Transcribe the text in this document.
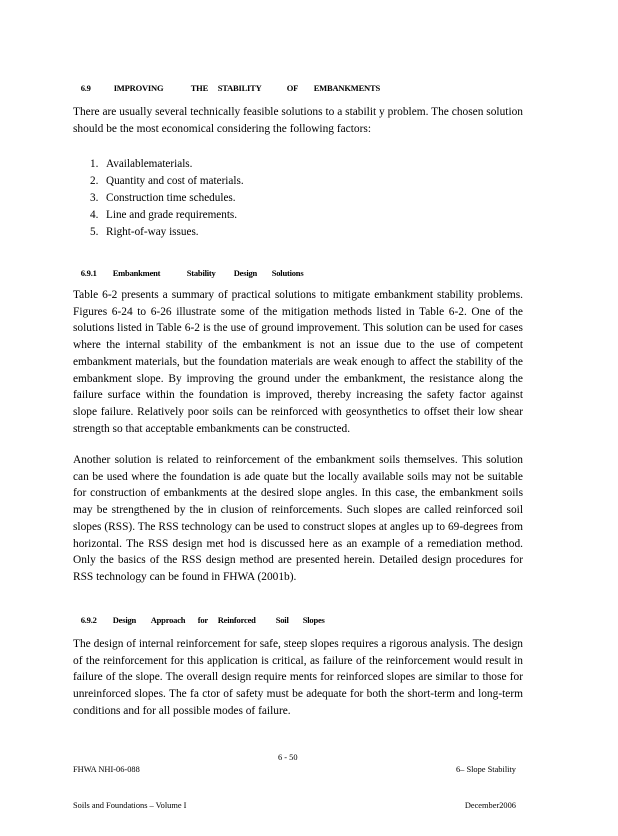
6.9	IMPROVING	THE STABILITY	OF EMBANKMENTS

There are usually several technically feasible solutions to a stabilit y problem. The chosen solution should be the most economical considering the following factors:
1. Availablematerials.
2. Quantity and cost of materials.
3. Construction time schedules.
4. Line and grade requirements.
5. Right-of-way issues.

6.9.1 Embankment	Stability Design Solutions

Table 6-2 presents a summary of practical solutions to mitigate embankment stability problems. Figures 6-24 to 6-26 illustrate some of the mitigation methods listed in Table 6-2. One of the solutions listed in Table 6-2 is the use of ground improvement. This solution can be used for cases where the internal stability of the embankment is not an issue due to the use of competent embankment materials, but the foundation materials are weak enough to affect the stability of the embankment slope. By improving the ground under the embankment, the resistance along the failure surface within the foundation is improved, thereby increasing the safety factor against slope failure. Relatively poor soils can be reinforced with geosynthetics to offset their low shear strength so that acceptable embankments can be constructed.
Another solution is related to reinforcement of the embankment soils themselves. This solution can be used where the foundation is ade quate but the locally available soils may not be suitable for construction of embankments at the desired slope angles. In this case, the embankment soils may be strengthened by the in clusion of reinforcements. Such slopes are called reinforced soil slopes (RSS). The RSS technology can be used to construct slopes at angles up to 69-degrees from horizontal. The RSS design met hod is discussed here as an example of a remediation method. Only the basics of the RSS design method are presented herein. Detailed design procedures for RSS technology can be found in FHWA (2001b).

6.9.2 Design Approach for Reinforced Soil Slopes

The design of internal reinforcement for safe, steep slopes requires a rigorous analysis. The design of the reinforcement for this application is critical, as failure of the reinforcement would result in failure of the slope. The overall design require ments for reinforced slopes are similar to those for unreinforced slopes. The fa ctor of safety must be adequate for both the short-term and long-term conditions and for all possible modes of failure.

FHWA NHI-06-088

Soils and Foundations – Volume I

6 - 50

6– Slope Stability

December2006
